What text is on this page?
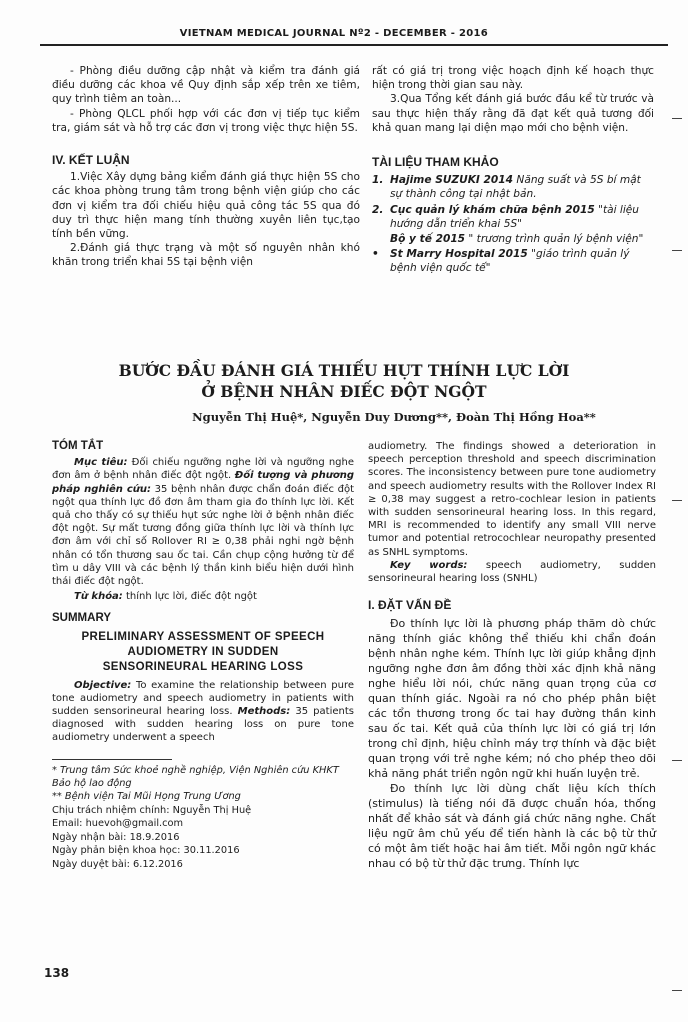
VIETNAM MEDICAL JOURNAL Nº2 - DECEMBER - 2016

- Phòng điều dưỡng cập nhật và kiểm tra đánh giá điều dưỡng các khoa về Quy định sắp xếp trên xe tiêm, quy trình tiêm an toàn...

- Phòng QLCL phối hợp với các đơn vị tiếp tục kiểm tra, giám sát và hỗ trợ các đơn vị trong việc thực hiện 5S.

IV. KẾT LUẬN

1.Việc Xây dựng bảng kiểm đánh giá thực hiện 5S cho các khoa phòng trung tâm trong bệnh viện giúp cho các đơn vị kiểm tra đối chiếu hiệu quả công tác 5S qua đó duy trì thực hiện mang tính thường xuyên liên tục,tạo tính bền vững.

2.Đánh giá thực trạng và một số nguyên nhân khó khăn trong triển khai 5S tại bệnh viện

rất có giá trị trong việc hoạch định kế hoạch thực hiện trong thời gian sau này.

3.Qua Tổng kết đánh giá bước đầu kể từ trước và sau thực hiện thấy rằng đã đạt kết quả tương đối khả quan mang lại diện mạo mới cho bệnh viện.

TÀI LIỆU THAM KHẢO
1. Hajime SUZUKI 2014 Năng suất và 5S bí mật sự thành công tại nhật bản.
2. Cục quản lý khám chữa bệnh 2015 "tài liệu hướng dẫn triển khai 5S"
Bộ y tế 2015 " trương trình quản lý bệnh viện"
•	St Marry Hospital 2015 "giáo trình quản lý bệnh viện quốc tế"
BƯỚC ĐẦU ĐÁNH GIÁ THIẾU HỤT THÍNH LỰC LỜI
Ở BỆNH NHÂN ĐIẾC ĐỘT NGỘT
Nguyễn Thị Huệ*, Nguyễn Duy Dương**, Đoàn Thị Hồng Hoa**
TÓM TẮT

Mục tiêu: Đối chiếu ngưỡng nghe lời và ngưỡng nghe đơn âm ở bệnh nhân điếc đột ngột. Đối tượng và phương pháp nghiên cứu: 35 bệnh nhân được chẩn đoán điếc đột ngột qua thính lực đồ đơn âm tham gia đo thính lực lời. Kết quả cho thấy có sự thiếu hụt sức nghe lời ở bệnh nhân điếc đột ngột. Sự mất tương đồng giữa thính lực lời và thính lực đơn âm với chỉ số Rollover RI ≥ 0,38 phải nghi ngờ bệnh nhân có tổn thương sau ốc tai. Cần chụp cộng hưởng từ để tìm u dây VIII và các bệnh lý thần kinh biểu hiện dưới hình thái điếc đột ngột.

Từ khóa: thính lực lời, điếc đột ngột

SUMMARY
PRELIMINARY ASSESSMENT OF SPEECH
AUDIOMETRY IN SUDDEN
SENSORINEURAL HEARING LOSS

Objective: To examine the relationship between pure tone audiometry and speech audiometry in patients with sudden sensorineural hearing loss. Methods: 35 patients diagnosed with sudden hearing loss on pure tone audiometry underwent a speech

* Trung tâm Sức khoẻ nghề nghiệp, Viện Nghiên cứu KHKT Bảo hộ lao động
** Bệnh viện Tai Mũi Họng Trung Ương
Chịu trách nhiệm chính: Nguyễn Thị Huệ
Email: huevoh@gmail.com
Ngày nhận bài: 18.9.2016
Ngày phản biện khoa học: 30.11.2016
Ngày duyệt bài: 6.12.2016

audiometry. The findings showed a deterioration in speech perception threshold and speech discrimination scores. The inconsistency between pure tone audiometry and speech audiometry results with the Rollover Index RI ≥ 0,38 may suggest a retro-cochlear lesion in patients with sudden sensorineural hearing loss. In this regard, MRI is recommended to identify any small VIII nerve tumor and potential retrocochlear neuropathy presented as SNHL symptoms.

Key words: speech audiometry, sudden sensorineural hearing loss (SNHL)

I. ĐẶT VẤN ĐỀ

Đo thính lực lời là phương pháp thăm dò chức năng thính giác không thể thiếu khi chẩn đoán bệnh nhân nghe kém. Thính lực lời giúp khẳng định ngưỡng nghe đơn âm đồng thời xác định khả năng nghe hiểu lời nói, chức năng quan trọng của cơ quan thính giác. Ngoài ra nó cho phép phân biệt các tổn thương trong ốc tai hay đường thần kinh sau ốc tai. Kết quả của thính lực lời có giá trị lớn trong chỉ định, hiệu chỉnh máy trợ thính và đặc biệt quan trọng với trẻ nghe kém; nó cho phép theo dõi khả năng phát triển ngôn ngữ khi huấn luyện trẻ.

Đo thính lực lời dùng chất liệu kích thích (stimulus) là tiếng nói đã được chuẩn hóa, thống nhất để khảo sát và đánh giá chức năng nghe. Chất liệu ngữ âm chủ yếu để tiến hành là các bộ từ thử có một âm tiết hoặc hai âm tiết. Mỗi ngôn ngữ khác nhau có bộ từ thử đặc trưng. Thính lực

138
